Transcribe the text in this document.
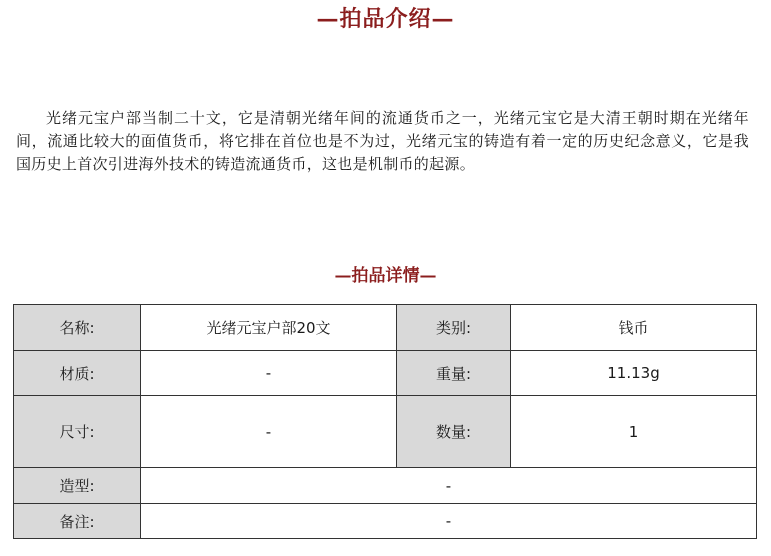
—拍品介绍—

光绪元宝户部当制二十文，它是清朝光绪年间的流通货币之一，光绪元宝它是大清王朝时期在光绪年间，流通比较大的面值货币，将它排在首位也是不为过，光绪元宝的铸造有着一定的历史纪念意义，它是我国历史上首次引进海外技术的铸造流通货币，这也是机制币的起源。

—拍品详情—
名称:	光绪元宝户部20文	类别:	钱币
材质:	-	重量:	11.13g
尺寸:	-	数量:	1
造型:	-		
备注:	-		
